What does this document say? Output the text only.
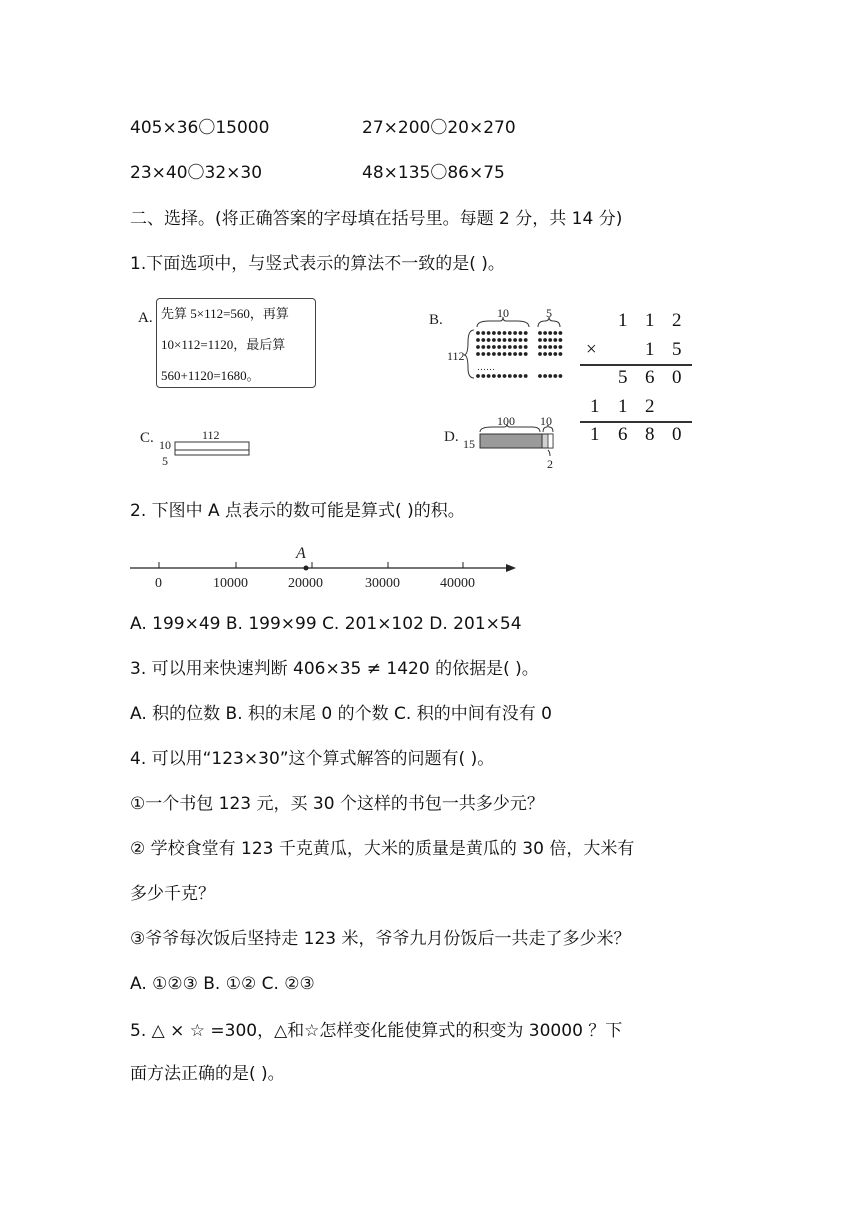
405×36〇15000	27×200〇20×270
23×40〇32×30	48×135〇86×75
二、选择。(将正确答案的字母填在括号里。每题 2 分，共 14 分)
1.下面选项中，与竖式表示的算法不一致的是( )。
A. 先算 5×112=560，再算
10×112=1120，最后算
560+1120=1680。
B.	10	5
112
……
1 1 2
×	1 5
5 6 0
1 1 2
1 6 8 0
C.	112
10
5
D.
100 10
15
2
2. 下图中 A 点表示的数可能是算式( )的积。
A
0	10000	20000	30000	40000
A. 199×49 B. 199×99 C. 201×102 D. 201×54
3. 可以用来快速判断 406×35 ≠ 1420 的依据是( )。
A. 积的位数 B. 积的末尾 0 的个数 C. 积的中间有没有 0
4. 可以用“123×30”这个算式解答的问题有( )。
①一个书包 123 元，买 30 个这样的书包一共多少元？
② 学校食堂有 123 千克黄瓜，大米的质量是黄瓜的 30 倍，大米有
多少千克？
③爷爷每次饭后坚持走 123 米，爷爷九月份饭后一共走了多少米？
A. ①②③ B. ①② C. ②③
5. △ × ☆ =300，△和☆怎样变化能使算式的积变为 30000 ？下
面方法正确的是( )。
